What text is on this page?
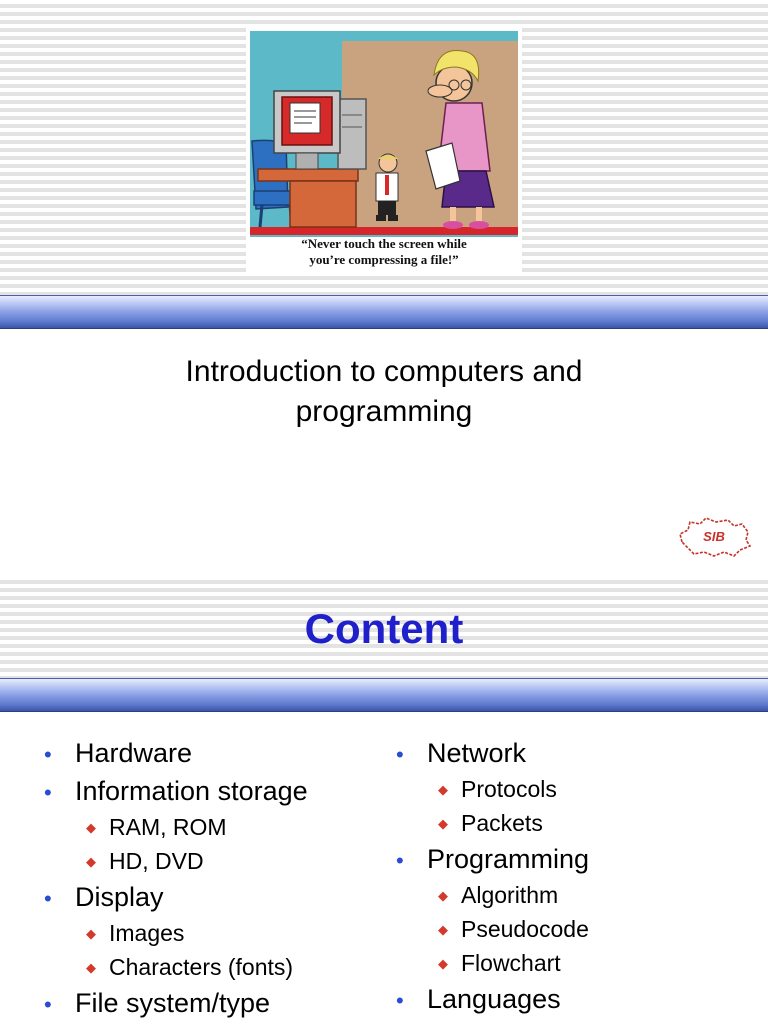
“Never touch the screen while
you’re compressing a file!”
Introduction to computers and programming
SIB
Content
• Hardware
• Information storage
◆ RAM, ROM
◆ HD, DVD
• Display
◆ Images
◆ Characters (fonts)
• File system/type
• Network
◆ Protocols
◆ Packets
• Programming
◆ Algorithm
◆ Pseudocode
◆ Flowchart
• Languages
